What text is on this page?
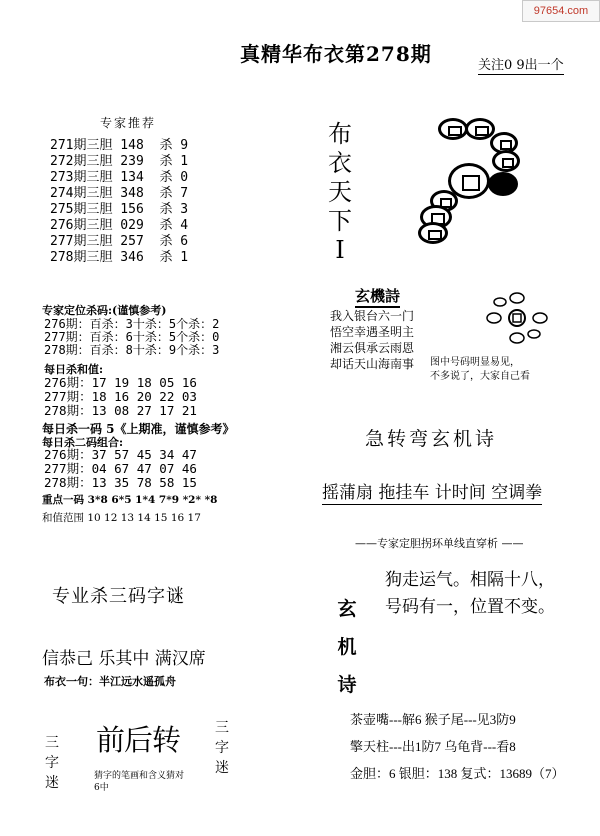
97654.com
真精华布衣第278期	关注0 9出一个
专家推荐
271期三胆 148  杀 9
272期三胆 239  杀 1
273期三胆 134  杀 0
274期三胆 348  杀 7
275期三胆 156  杀 3
276期三胆 029  杀 4
277期三胆 257  杀 6
278期三胆 346  杀 1
布
衣
天
下
I
专家定位杀码:(谨慎参考)
276期：百杀：3十杀：5个杀：2
277期：百杀：6十杀：5个杀：0
278期：百杀：8十杀：9个杀：3
每日杀和值:
276期：17 19 18 05 16
277期：18 16 20 22 03
278期：13 08 27 17 21
每日杀一码 5《上期准，谨慎参考》
每日杀二码组合:
276期：37 57 45 34 47
277期：04 67 47 07 46
278期：13 35 78 58 15
重点一码 3*8 6*5 1*4 7*9 *2* *8
和值范围 10 12 13 14 15 16 17
玄機詩
我入银台六一门
悟空幸遇圣明主
湘云俱承云雨恩
却话天山海南事 图中号码明显易见，
不多说了，大家自己看
急转弯玄机诗
摇蒲扇 拖挂车 计时间 空调拳
——专家定胆拐环单线直穿析 ——
玄
机
诗
狗走运气。相隔十八，
号码有一，位置不变。
茶壶嘴---解6 猴子尾---见3防9
擎天柱---出1防7 乌龟背---看8
金胆：6 银胆：138 复式：13689（7）
专业杀三码字谜
信恭己 乐其中 满汉席
布衣一句：半江远水遥孤舟
三
字
迷
前后转
猜字的笔画和含义猜对6中
三
字
迷
